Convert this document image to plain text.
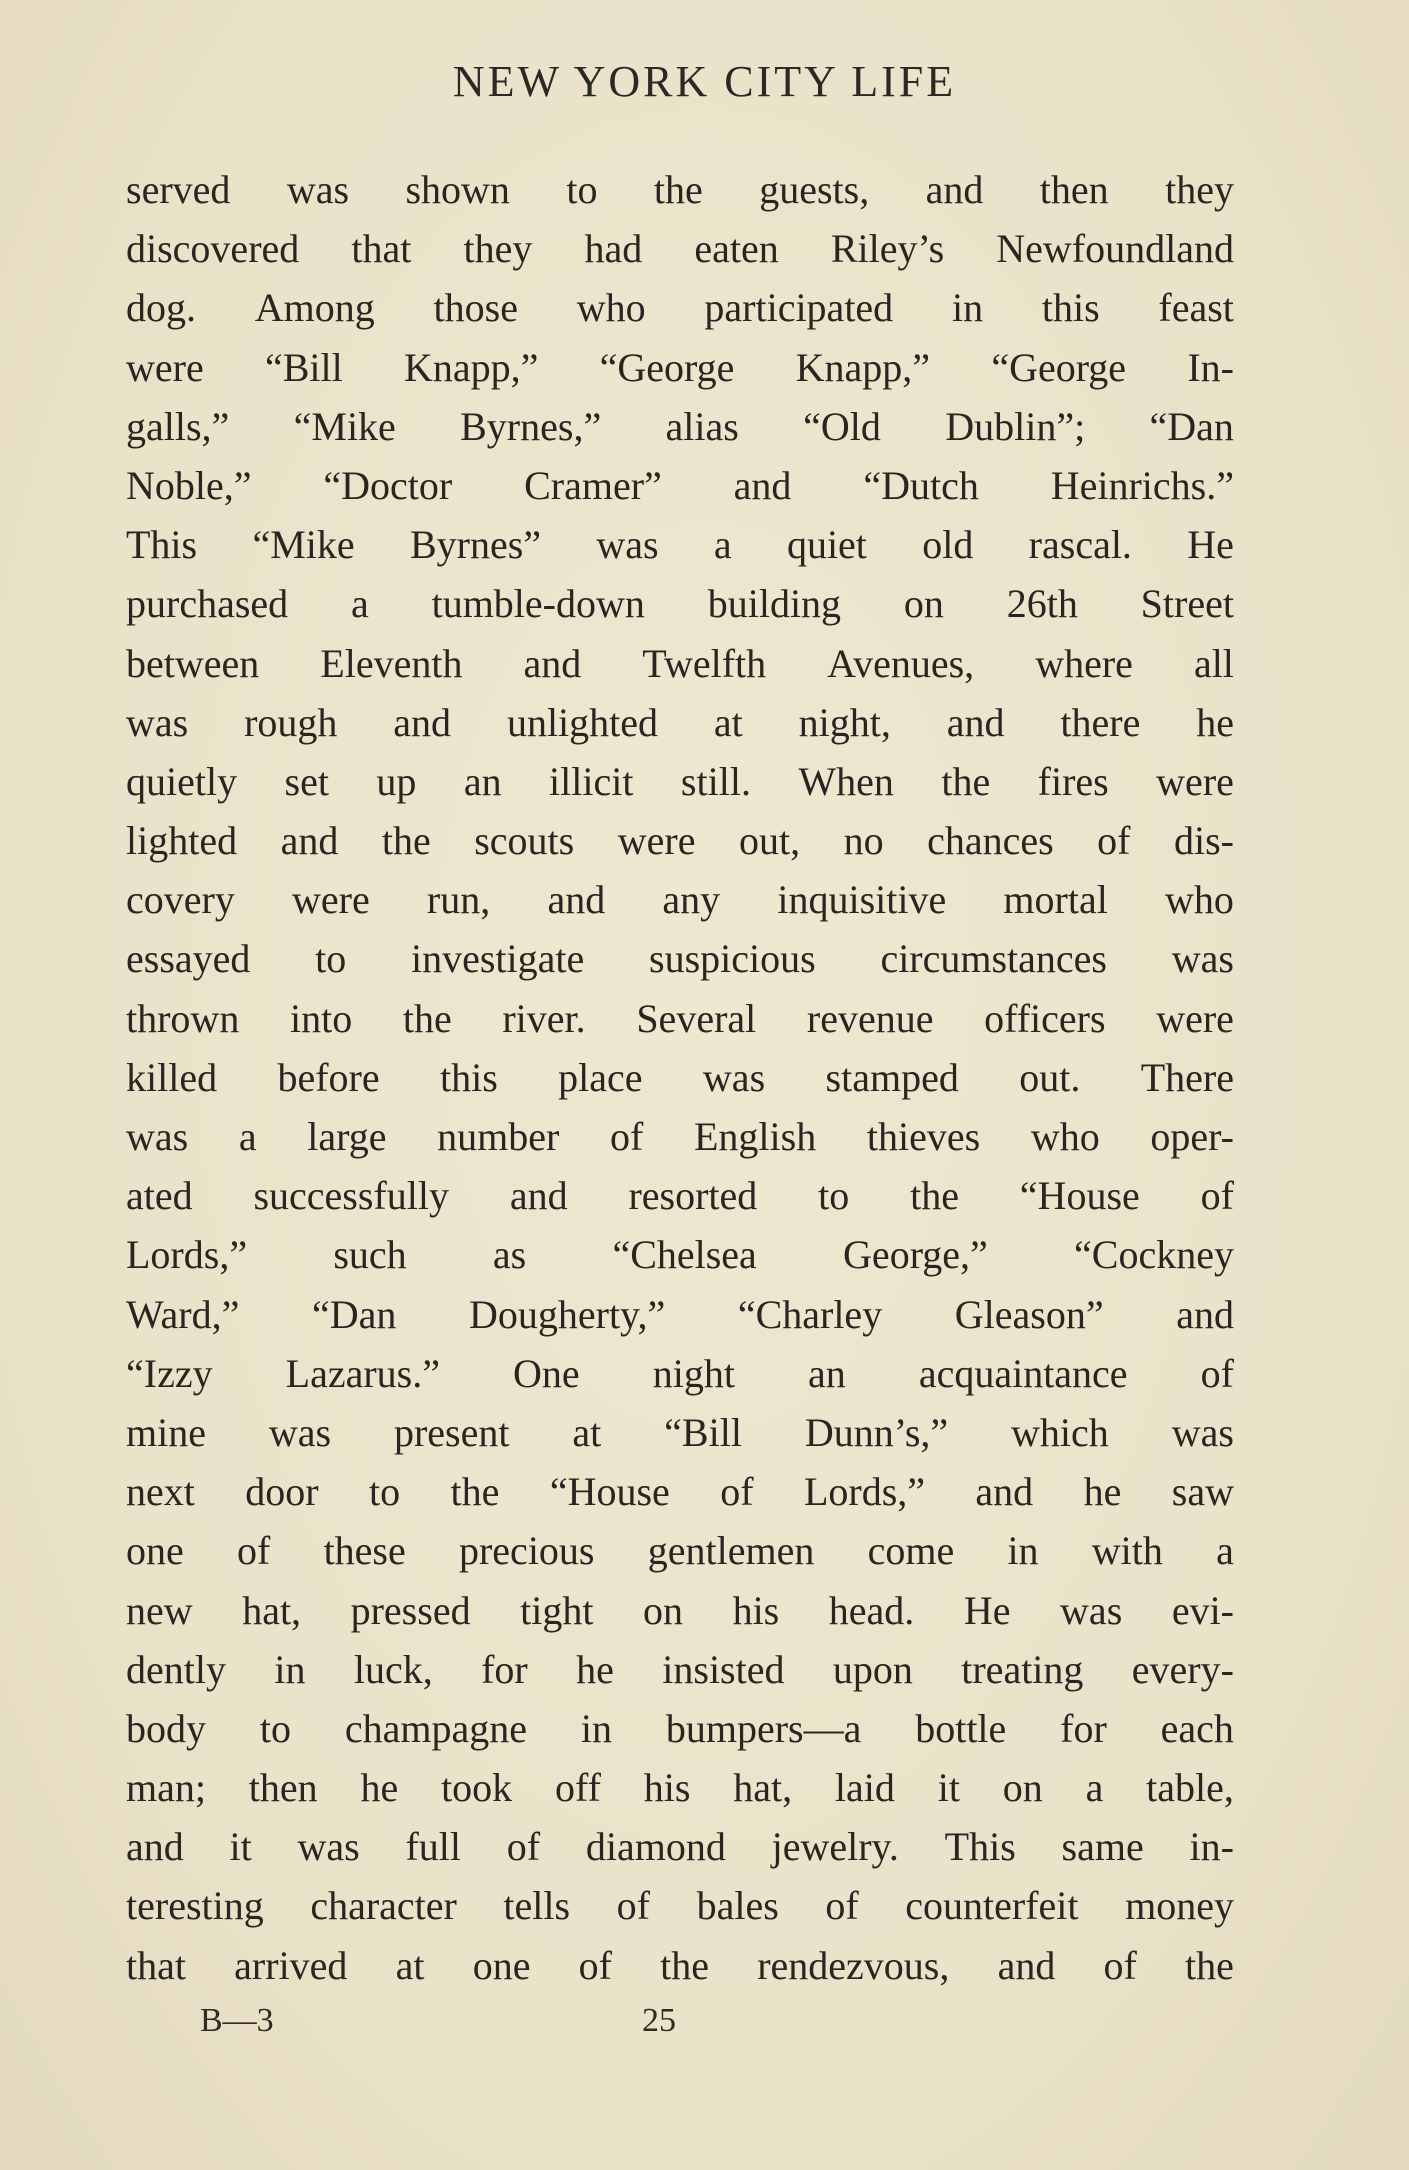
NEW YORK CITY LIFE
served was shown to the guests, and then they
discovered that they had eaten Riley’s Newfoundland
dog. Among those who participated in this feast
were “Bill Knapp,” “George Knapp,” “George In-
galls,” “Mike Byrnes,” alias “Old Dublin”; “Dan
Noble,” “Doctor Cramer” and “Dutch Heinrichs.”
This “Mike Byrnes” was a quiet old rascal. He
purchased a tumble-down building on 26th Street
between Eleventh and Twelfth Avenues, where all
was rough and unlighted at night, and there he
quietly set up an illicit still. When the fires were
lighted and the scouts were out, no chances of dis-
covery were run, and any inquisitive mortal who
essayed to investigate suspicious circumstances was
thrown into the river. Several revenue officers were
killed before this place was stamped out. There
was a large number of English thieves who oper-
ated successfully and resorted to the “House of
Lords,” such as “Chelsea George,” “Cockney
Ward,” “Dan Dougherty,” “Charley Gleason” and
“Izzy Lazarus.” One night an acquaintance of
mine was present at “Bill Dunn’s,” which was
next door to the “House of Lords,” and he saw
one of these precious gentlemen come in with a
new hat, pressed tight on his head. He was evi-
dently in luck, for he insisted upon treating every-
body to champagne in bumpers—a bottle for each
man; then he took off his hat, laid it on a table,
and it was full of diamond jewelry. This same in-
teresting character tells of bales of counterfeit money
that arrived at one of the rendezvous, and of the
B—3	25
